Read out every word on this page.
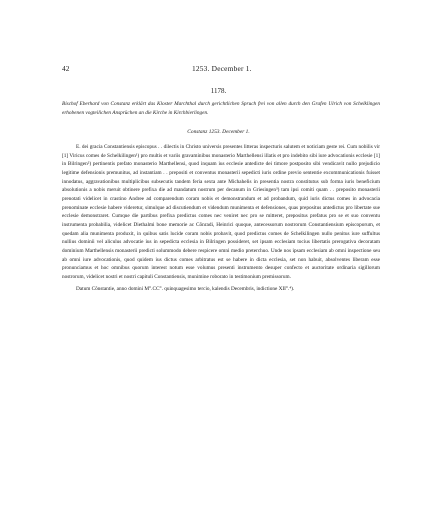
42	1253. December 1.
1178.
Bischof Eberhard von Constanz erklärt das Kloster Marchthal durch gerichtlichen Spruch frei von allen durch den Grafen Ulrich von Schelklingen erhobenen vogteilichen Ansprüchen an die Kirche in Kirchbierlingen.
Constanz 1253. December 1.

E. dei gracia Constantiensis episcopus . . dilectis in Christo universis presentes litteras inspecturis salutem et noticiam geste rei. Cum nobilis vir [1] Viricus comes de Schelkilingen¹) pro multis et variis gravaminibus monasterio Marthellensi illatis et pro indebito sibi iure advocationis ecclesie [1] in Bilringen²) pertinentis prefato monasterio Marthellensi, quod inquam ius ecclesie antedicte dei timore postposito sibi vendicavit nullo prejudicio legitime defensionis premunitus, ad instantiam . . prepositi et conventus monasterii sepedicti iuris ordine previo sententie excommunicationis fuisset innodatus, aggravationibus multiplicibus subsecutis tandem feria sexta ante Michahelis in presentia nostra constitutus sub forma iuris beneficium absolutionis a nobis meruit obtinere prefixa die ad mandatum nostrum per decanum in Griesingen³) tam ipsi comiti quam . . preposito monasterii prenotati videlicet in crastino Andree ad comparendum coram nobis et demonstrandum et ad probandum, quid iuris dictus comes in advocacia prenominate ecclesie habere videretur, simulque ad discutiendum et videndum munimenta et defensiones, quas prepositus antedictus pro libertate sue ecclesie demonstraret. Cumque die partibus prefixa predictus comes nec veniret nec pro se mitteret, prepositus prefatus pro se et suo conventu instrumenta probabilia, videlicet Diethalmi bone memorie ac Cŏnradi, Heinrici quoque, antecessorum nostrorum Constantiensium episcoporum, et quedam alia munimenta produxit, in quibus satis lucide coram nobis probavit, quod predictus comes de Schelkilingen nullo penitus iure suffultus nullius dominii vel aliculus advocatie ius in sepedicta ecclesia in Bilringen possideret, set ipsam ecclesiam tocius libertatis prerogativa decoratam dominium Marthellensis monasterii predicti solummodo debere respicere omni medio preterchuo. Unde nos ipsam ecclesiam ab omni inspectione seu ab omni iure advocationis, quod quidem ius dictus comes arbitratus est se habere in dicta ecclesia, set non habuit, absolventes liberam esse pronunciamus et hoc omnibus quorum interest notum esse volumus presenti instrumento desuper confecto et auctoritate ordinaria sigillorum nostrorum, videlicet nostri et nostri capituli Constantiensis, munimine roborato in testimonium premissorum.

Datum Cŏnstantie, anno domini M°.CC°. quinquagesimo tercio, kalendis Decembris, indictione XII°.⁴).
